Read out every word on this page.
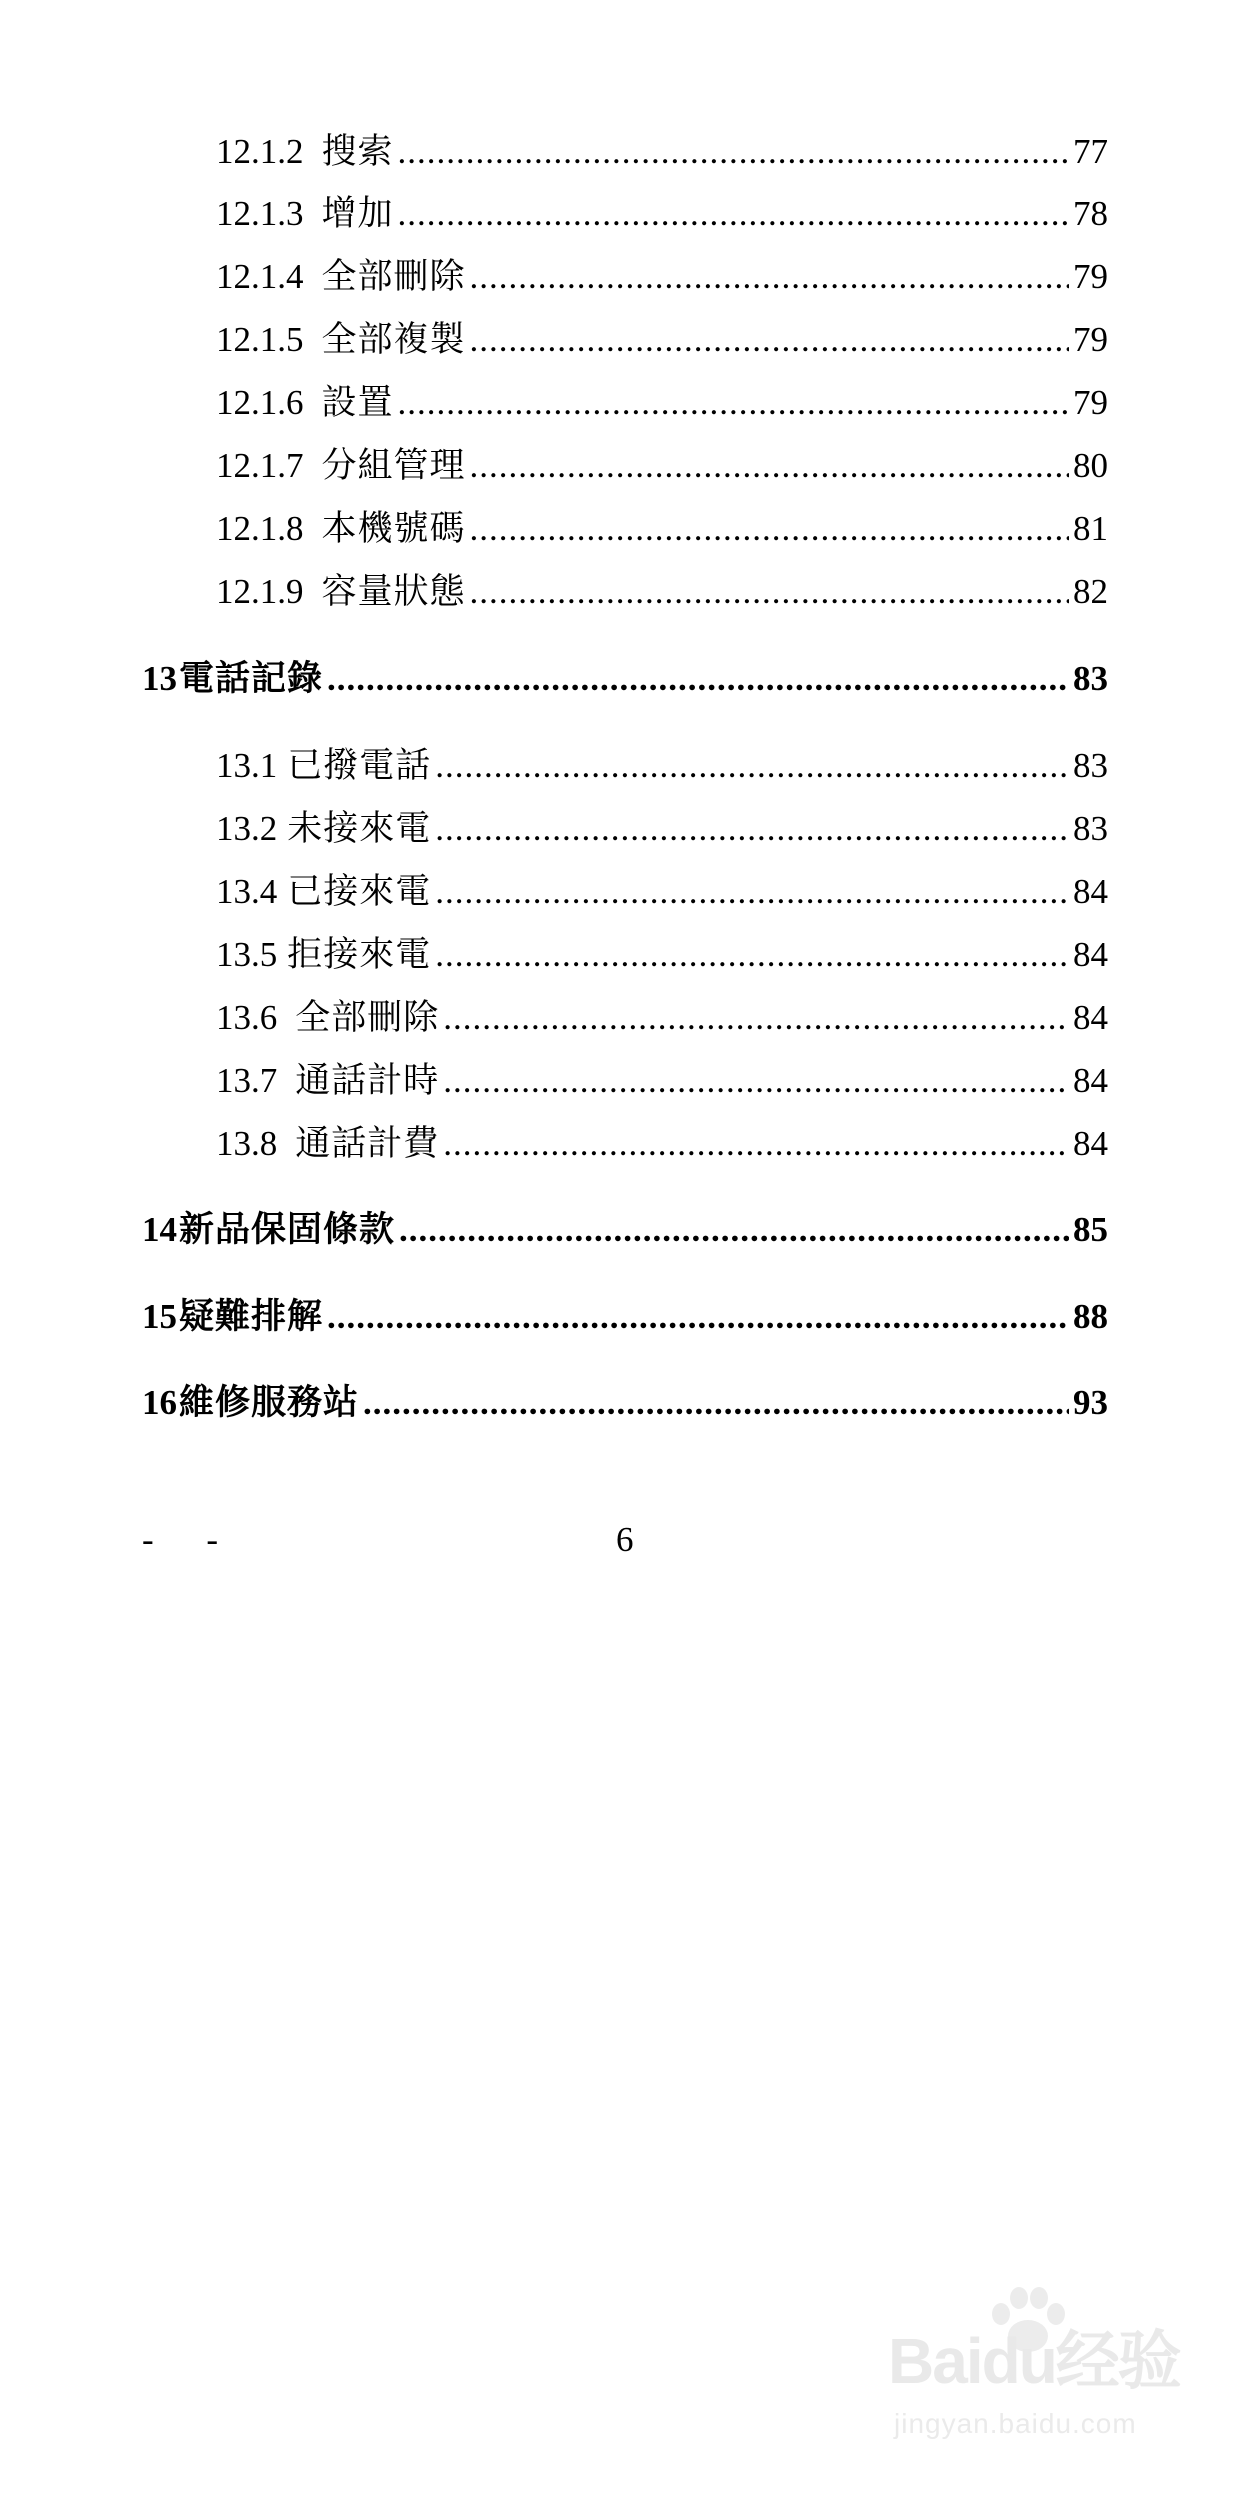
12.1.2 搜索 .....	77
12.1.3 增加 .....	78
12.1.4 全部刪除 .....	79
12.1.5 全部複製 .....	79
12.1.6 設置 .....	79
12.1.7 分組管理 .....	80
12.1.8 本機號碼 .....	81
12.1.9 容量狀態 .....	82
13 電話記錄 .....	83
13.1 已撥電話 .....	83
13.2 未接來電 .....	83
13.4 已接來電 .....	84
13.5 拒接來電 .....	84
13.6 全部刪除 .....	84
13.7 通話計時 .....	84
13.8 通話計費 .....	84
14 新品保固條款 .....	85
15 疑難排解 .....	88
16 維修服務站 .....	93
- -	6
Baidu经验
jingyan.baidu.com
